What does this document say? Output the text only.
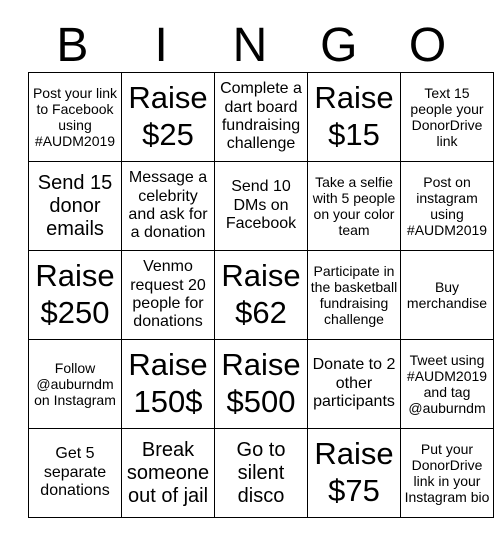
B	I	N	G	O
Post your link to Facebook using #AUDM2019	Raise $25	Complete a dart board fundraising challenge	Raise $15	Text 15 people your DonorDrive link

Send 15 donor emails	Message a celebrity and ask for a donation	Send 10 DMs on Facebook	Take a selfie with 5 people on your color team	Post on instagram using #AUDM2019

Raise $250	Venmo request 20 people for donations	Raise $62	Participate in the basketball fundraising challenge	Buy merchandise

Follow @auburndm on Instagram	Raise 150$	Raise $500	Donate to 2 other participants	Tweet using #AUDM2019 and tag @auburndm

Get 5 separate donations	Break someone out of jail	Go to silent disco	Raise $75	Put your DonorDrive link in your Instagram bio
